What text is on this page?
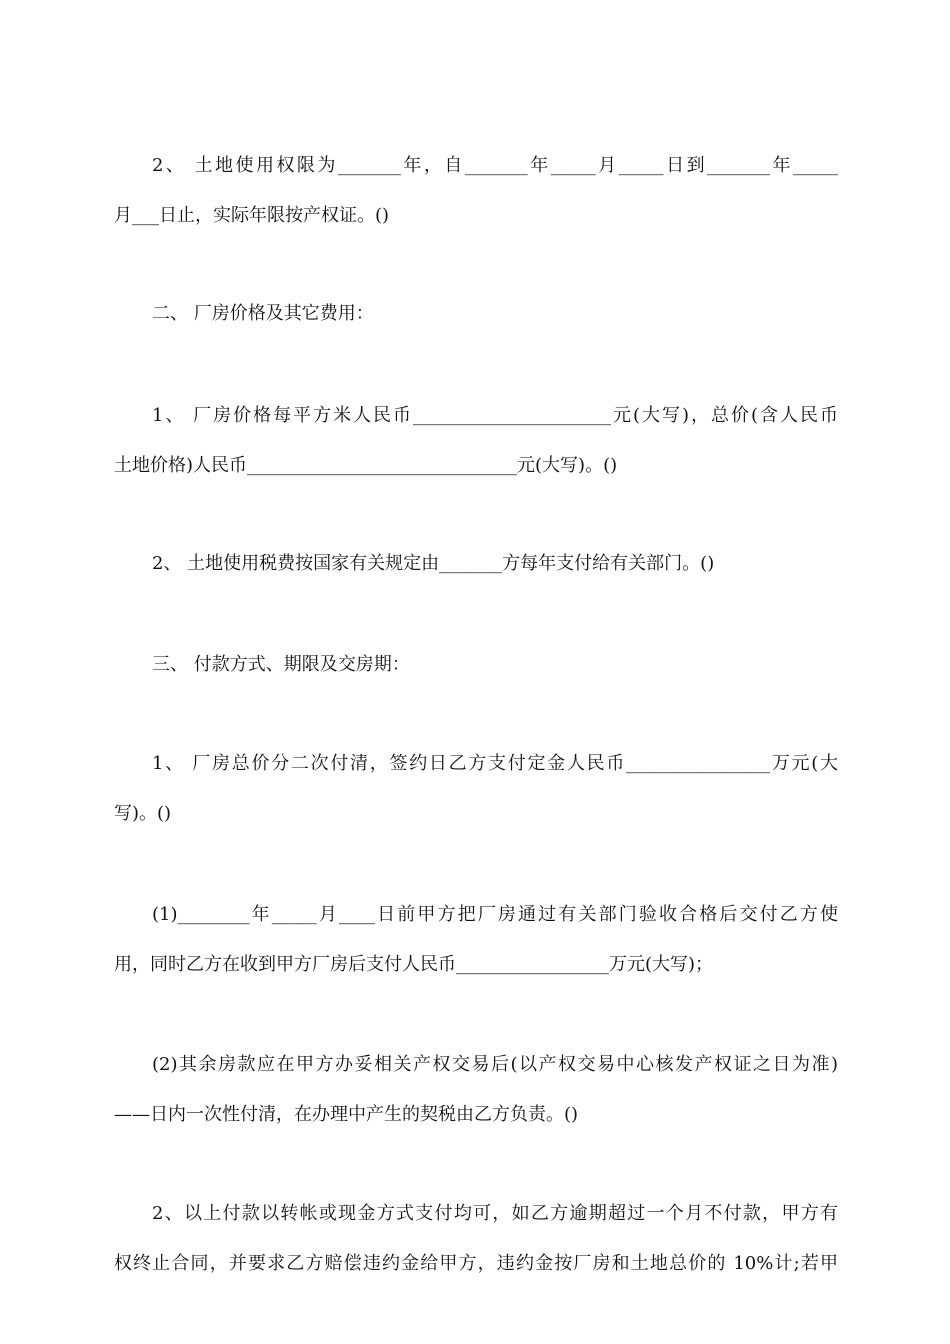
2、 土地使用权限为_______年，自_______年_____月_____日到_______年_____
月___日止，实际年限按产权证。()
二、 厂房价格及其它费用：
1、 厂房价格每平方米人民币______________________元(大写)，总价(含人民币
土地价格)人民币______________________________元(大写)。()
2、 土地使用税费按国家有关规定由_______方每年支付给有关部门。()
三、 付款方式、期限及交房期：
1、 厂房总价分二次付清，签约日乙方支付定金人民币________________万元(大
写)。()
(1)________年_____月____日前甲方把厂房通过有关部门验收合格后交付乙方使
用，同时乙方在收到甲方厂房后支付人民币_________________万元(大写)；
(2)其余房款应在甲方办妥相关产权交易后(以产权交易中心核发产权证之日为准)
——日内一次性付清，在办理中产生的契税由乙方负责。()
2、以上付款以转帐或现金方式支付均可，如乙方逾期超过一个月不付款，甲方有
权终止合同，并要求乙方赔偿违约金给甲方，违约金按厂房和土地总价的 10%计;若甲
